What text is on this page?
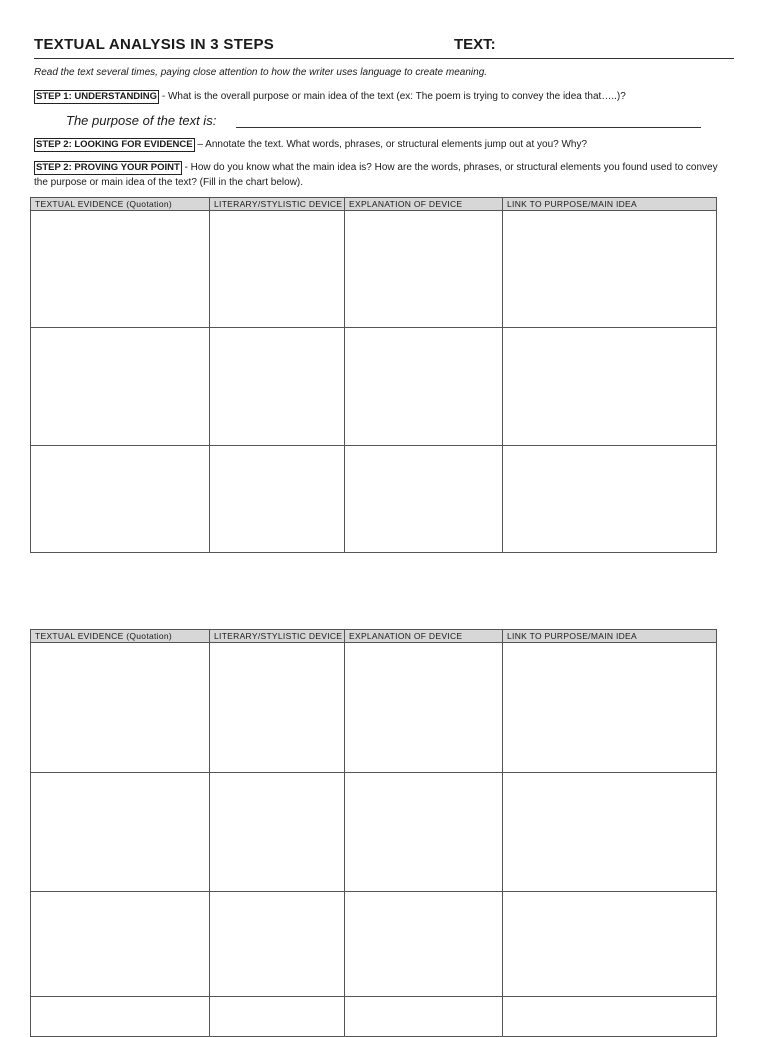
TEXTUAL ANALYSIS IN 3 STEPS	TEXT:
Read the text several times, paying close attention to how the writer uses language to create meaning.
STEP 1: UNDERSTANDING - What is the overall purpose or main idea of the text (ex: The poem is trying to convey the idea that…..)?
The purpose of the text is:
STEP 2: LOOKING FOR EVIDENCE – Annotate the text. What words, phrases, or structural elements jump out at you? Why?
STEP 2: PROVING YOUR POINT - How do you know what the main idea is? How are the words, phrases, or structural elements you found used to convey the purpose or main idea of the text? (Fill in the chart below).
TEXTUAL EVIDENCE (Quotation)	LITERARY/STYLISTIC DEVICE	EXPLANATION OF DEVICE	LINK TO PURPOSE/MAIN IDEA

TEXTUAL EVIDENCE (Quotation)	LITERARY/STYLISTIC DEVICE	EXPLANATION OF DEVICE	LINK TO PURPOSE/MAIN IDEA
